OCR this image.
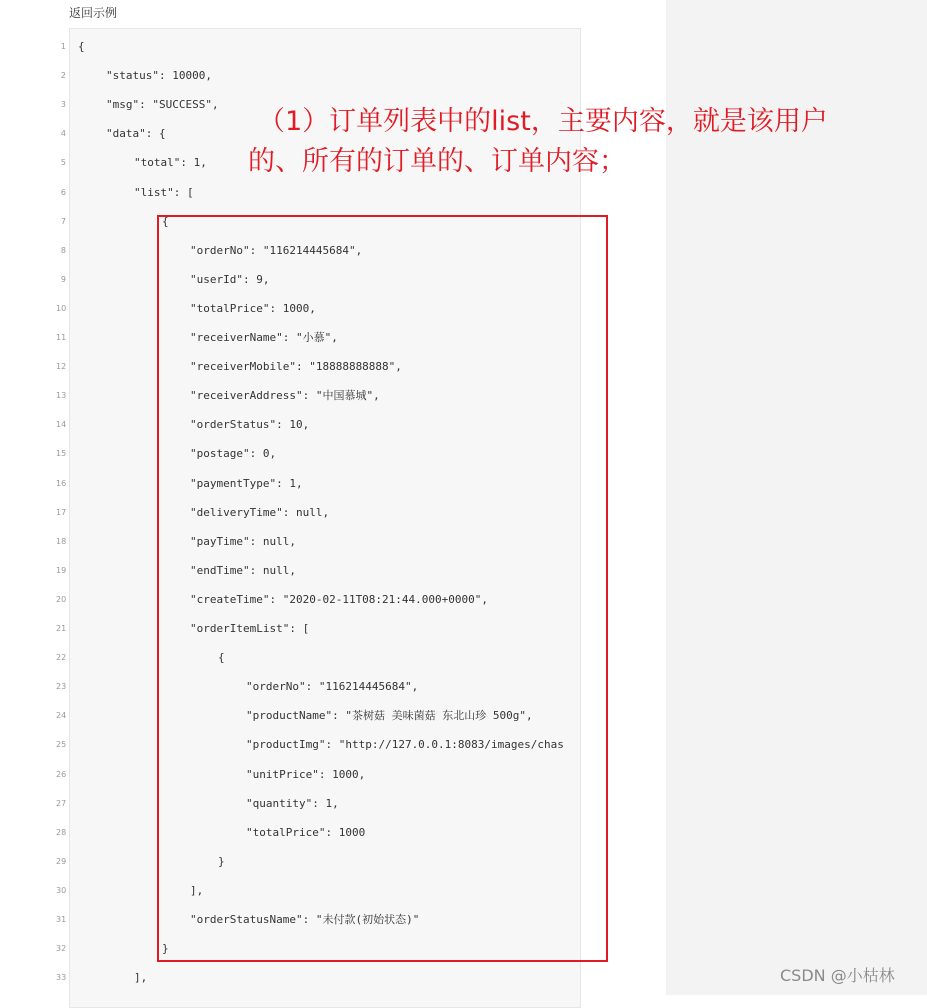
返回示例
1 {
2	"status": 10000,
3	"msg": "SUCCESS",
4	"data": {
5	"total": 1,
6	"list": [
7	{
8	"orderNo": "116214445684",
9	"userId": 9,
10	"totalPrice": 1000,
11	"receiverName": "小慕",
12	"receiverMobile": "18888888888",
13	"receiverAddress": "中国慕城",
14	"orderStatus": 10,
15	"postage": 0,
16	"paymentType": 1,
17	"deliveryTime": null,
18	"payTime": null,
19	"endTime": null,
20	"createTime": "2020-02-11T08:21:44.000+0000",
21	"orderItemList": [
22	{
23	"orderNo": "116214445684",
24	"productName": "茶树菇 美味菌菇 东北山珍 500g",
25	"productImg": "http://127.0.0.1:8083/images/chas
26	"unitPrice": 1000,
27	"quantity": 1,
28	"totalPrice": 1000
29	}
30	],
31	"orderStatusName": "未付款(初始状态)"
32	}
33	],
（1）订单列表中的list，主要内容，就是该用户
的、所有的订单的、订单内容；
CSDN @小枯林
